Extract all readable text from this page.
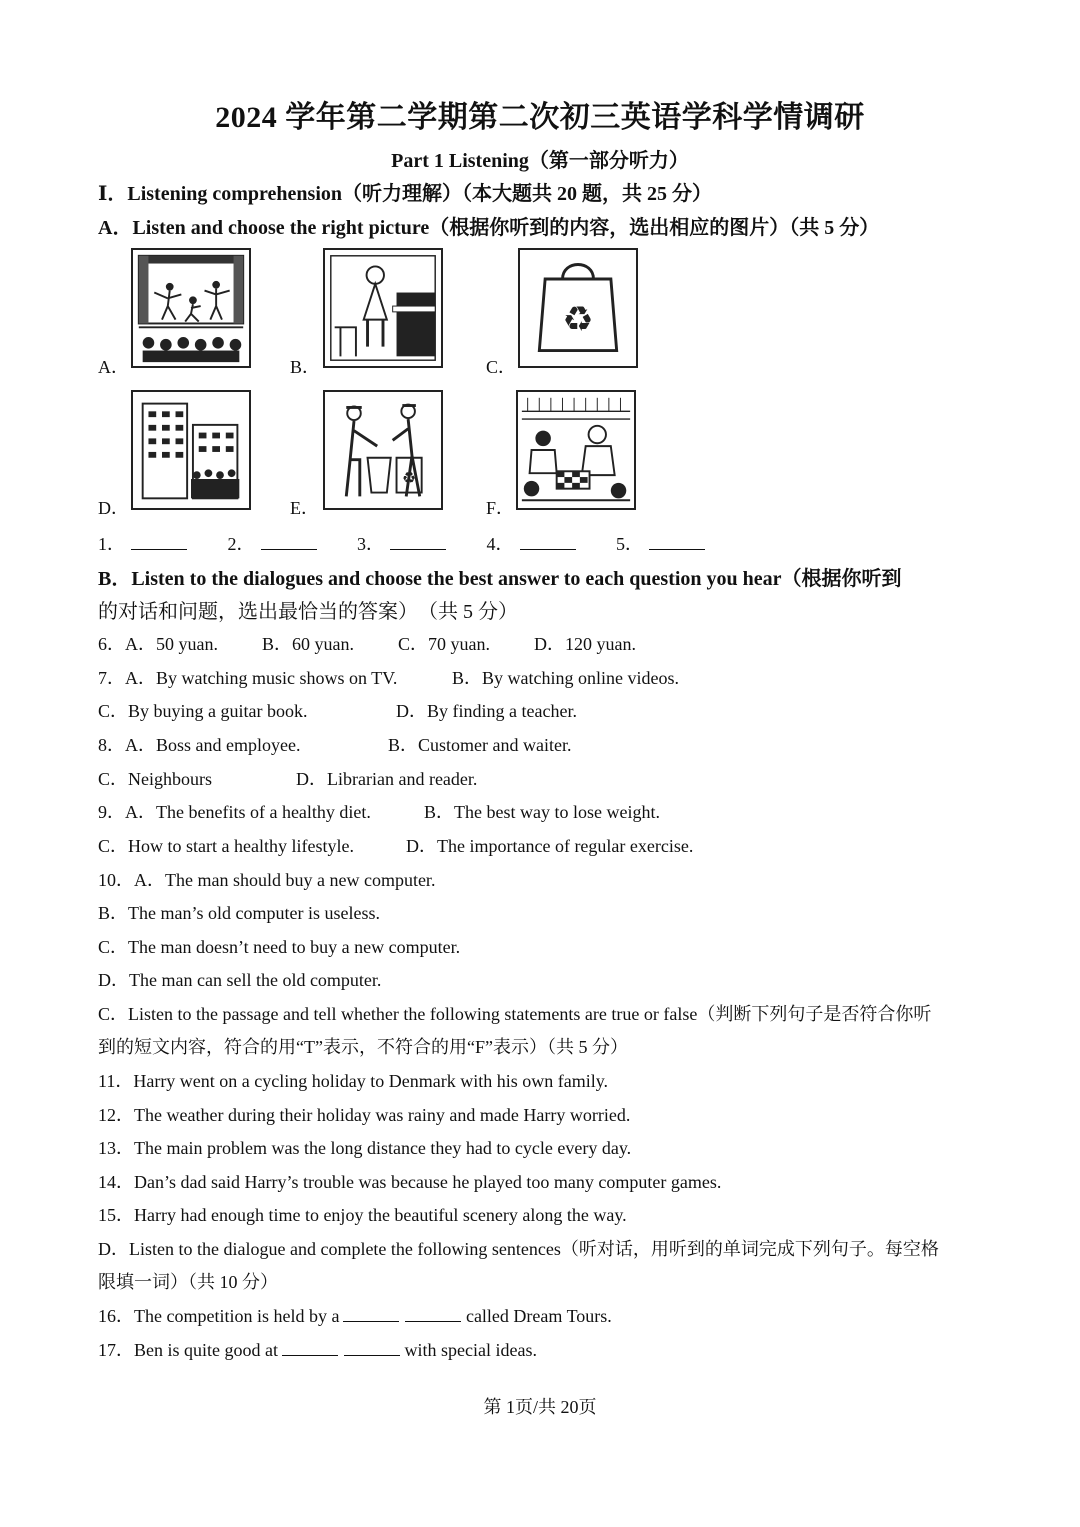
2024 学年第二学期第二次初三英语学科学情调研
Part 1 Listening（第一部分听力）
Ⅰ．Listening comprehension（听力理解）（本大题共 20 题，共 25 分）
A．Listen and choose the right picture（根据你听到的内容，选出相应的图片）（共 5 分）
A．	B．
♻
C．
D．
♻
E．	F．
1．	2．	3．	4．	5．
B．Listen to the dialogues and choose the best answer to each question you hear（根据你听到
的对话和问题，选出最恰当的答案）　（共 5 分）
6．A．50 yuan. B．60 yuan. C．70 yuan. D．120 yuan.
7．A．By watching music shows on TV.	B．By watching online videos.
C．By buying a guitar book.	D．By finding a teacher.
8．A．Boss and employee.	B．Customer and waiter.
C．Neighbours	D．Librarian and reader.
9．A．The benefits of a healthy diet.	B．The best way to lose weight.
C．How to start a healthy lifestyle.	D．The importance of regular exercise.
10．A．The man should buy a new computer.
B．The man’s old computer is useless.
C．The man doesn’t need to buy a new computer.
D．The man can sell the old computer.
C．Listen to the passage and tell whether the following statements are true or false（判断下列句子是否符合你听
到的短文内容，符合的用“T”表示，不符合的用“F”表示）（共 5 分）
11．Harry went on a cycling holiday to Denmark with his own family.
12．The weather during their holiday was rainy and made Harry worried.
13．The main problem was the long distance they had to cycle every day.
14．Dan’s dad said Harry’s trouble was because he played too many computer games.
15．Harry had enough time to enjoy the beautiful scenery along the way.
D．Listen to the dialogue and complete the following sentences（听对话，用听到的单词完成下列句子。每空格
限填一词）（共 10 分）
16．The competition is held by a	called Dream Tours.
17．Ben is quite good at	with special ideas.
第 1页/共 20页
